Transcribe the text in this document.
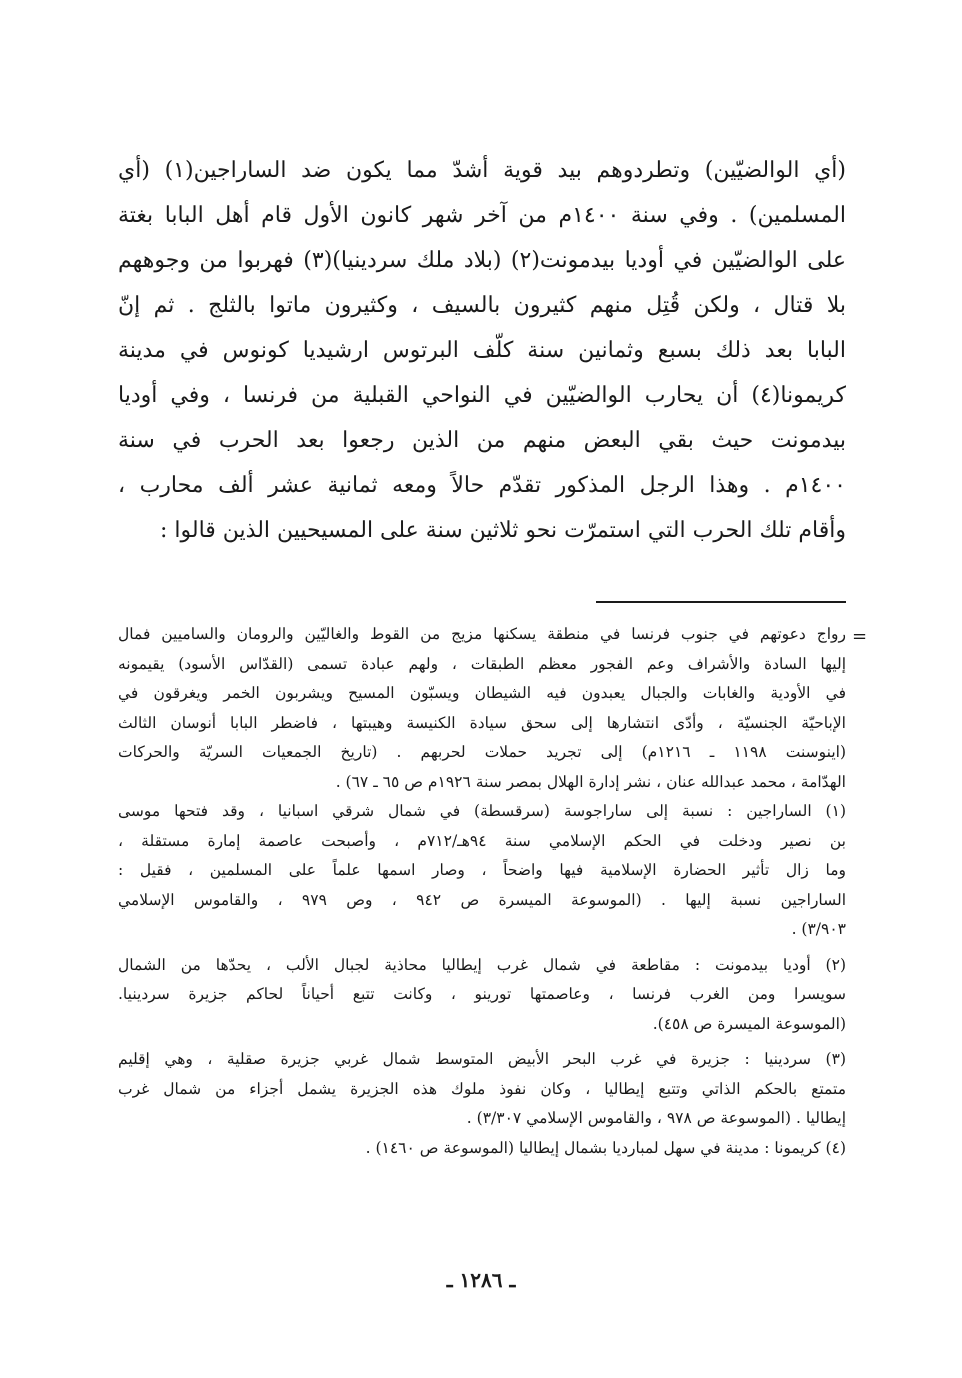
(أي الوالضيّين) وتطردوهم بيد قوية أشدّ مما يكون ضد الساراجين(١) (أي
المسلمين) . وفي سنة ١٤٠٠م من آخر شهر كانون الأول قام أهل البابا بغتة
على الوالضيّين في أوديا بيدمونت(٢) (بلاد ملك سردينيا)(٣) فهربوا من وجوههم
بلا قتال ، ولكن قُتِل منهم كثيرون بالسيف ، وكثيرون ماتوا بالثلج . ثم إنّ
البابا بعد ذلك بسبع وثمانين سنة كلّف البرتوس ارشيديا كونوس في مدينة
كريمونا(٤) أن يحارب الوالضيّين في النواحي القبلية من فرنسا ، وفي أوديا
بيدمونت حيث بقي البعض منهم من الذين رجعوا بعد الحرب في سنة
١٤٠٠م . وهذا الرجل المذكور تقدّم حالاً ومعه ثمانية عشر ألف محارب ،
وأقام تلك الحرب التي استمرّت نحو ثلاثين سنة على المسيحيين الذين قالوا :
=
رواج دعوتهم في جنوب فرنسا في منطقة يسكنها مزيج من القوط والغاليّين والرومان والساميين فمال
إليها السادة والأشراف وعم الفجور معظم الطبقات ، ولهم عبادة تسمى (القدّاس الأسود) يقيمونه
في الأودية والغابات والجبال يعبدون فيه الشيطان ويسبّون المسيح ويشربون الخمر ويغرقون في
الإباحيّة الجنسيّة ، وأدّى انتشارها إلى سحق سيادة الكنيسة وهيبتها ، فاضطر البابا أنوسان الثالث
(اينوسنت ١١٩٨ ـ ١٢١٦م) إلى تجريد حملات لحربهم . (تاريخ الجمعيات السريّة والحركات
الهدّامة ، محمد عبدالله عنان ، نشر إدارة الهلال بمصر سنة ١٩٢٦م ص ٦٥ ـ ٦٧) .
(١) الساراجين : نسبة إلى ساراجوسة (سرقسطة) في شمال شرقي اسبانيا ، وقد فتحها موسى
بن نصير ودخلت في الحكم الإسلامي سنة ٩٤هـ/٧١٢م ، وأصبحت عاصمة إمارة مستقلة ،
وما زال تأثير الحضارة الإسلامية فيها واضحاً ، وصار اسمها علماً على المسلمين ، فقيل :
الساراجين نسبة إليها . (الموسوعة الميسرة ص ٩٤٢ ، وص ٩٧٩ ، والقاموس الإسلامي
٣/٩٠٣) .
(٢) أوديا بيدمونت : مقاطعة في شمال غرب إيطاليا محاذية لجبال الألب ، يحدّها من الشمال
سويسرا ومن الغرب فرنسا ، وعاصمتها تورينو ، وكانت تتبع أحياناً لحاكم جزيرة سردينيا.
(الموسوعة الميسرة ص ٤٥٨).
(٣) سردينيا : جزيرة في غرب البحر الأبيض المتوسط شمال غربي جزيرة صقلية ، وهي إقليم
متمتع بالحكم الذاتي وتتبع إيطاليا ، وكان نفوذ ملوك هذه الجزيرة يشمل أجزاء من شمال غرب
إيطاليا . (الموسوعة ص ٩٧٨ ، والقاموس الإسلامي ٣/٣٠٧) .
(٤) كريمونا : مدينة في سهل لمبارديا بشمال إيطاليا (الموسوعة ص ١٤٦٠) .
ـ ١٢٨٦ ـ
